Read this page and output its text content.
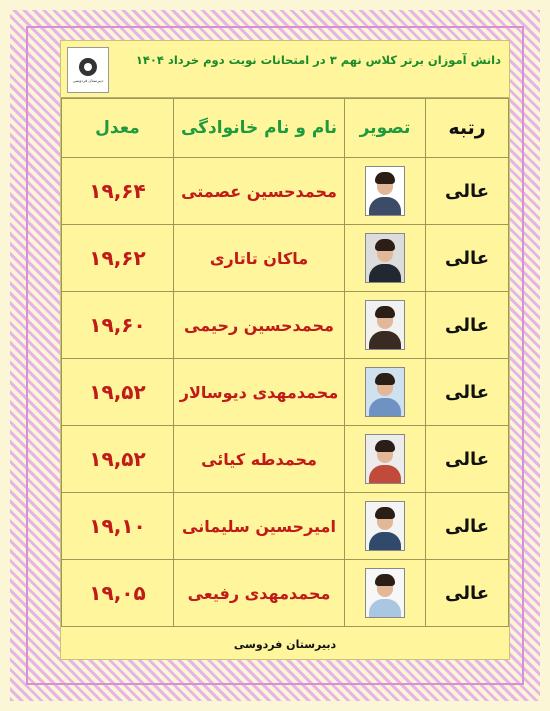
دبیرستان فردوسی
دانش آموزان برتر کلاس نهم ۳ در امتحانات نوبت دوم خرداد ۱۴۰۴
رتبه	تصویر	نام و نام خانوادگی	معدل
عالی		محمدحسین عصمتی	۱۹,۶۴
عالی		ماکان تاتاری	۱۹,۶۲
عالی		محمدحسین رحیمی	۱۹,۶۰
عالی		محمدمهدی دیوسالار	۱۹,۵۲
عالی		محمدطه کیائی	۱۹,۵۲
عالی		امیرحسین سلیمانی	۱۹,۱۰
عالی		محمدمهدی رفیعی	۱۹,۰۵
دبیرستان فردوسی
